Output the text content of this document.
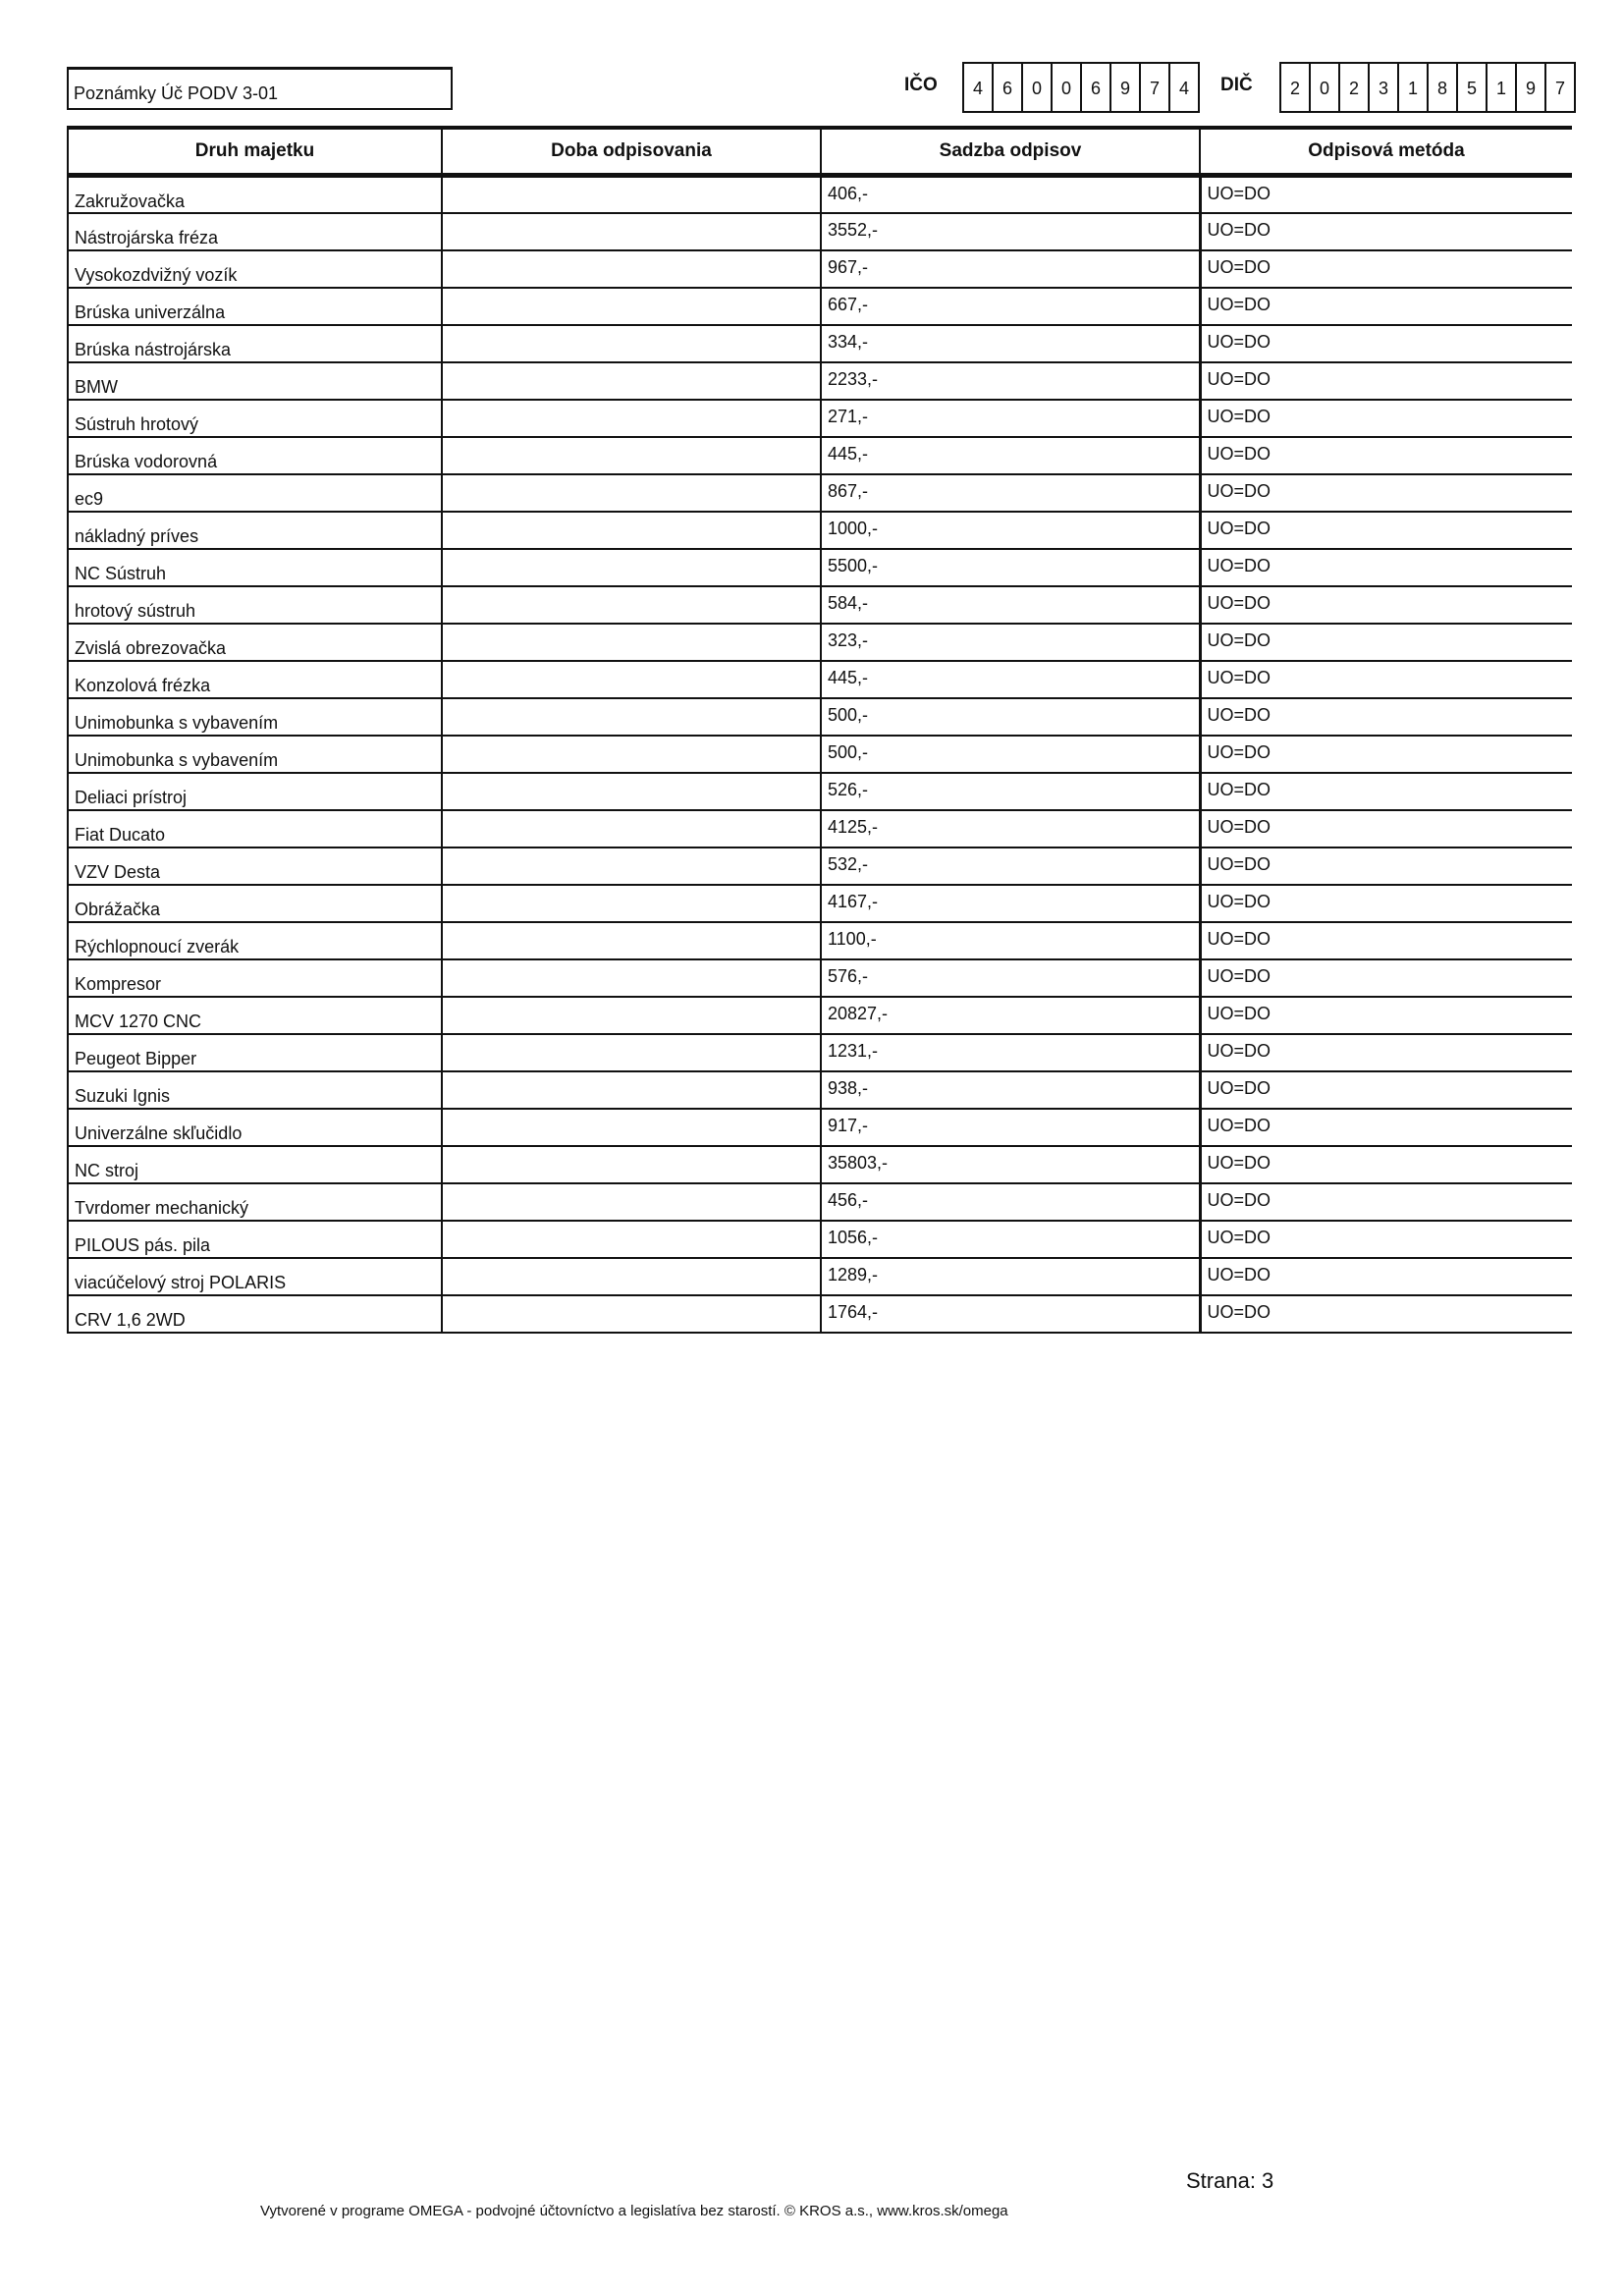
Poznámky Úč PODV 3-01	IČO	4	6	0	0	6	9	7	4	DIČ	2	0	2	3	1	8	5	1	9	7
Druh majetku	Doba odpisovania	Sadzba odpisov	Odpisová metóda
Zakružovačka		406,-	UO=DO
Nástrojárska fréza		3552,-	UO=DO
Vysokozdvižný vozík		967,-	UO=DO
Brúska univerzálna		667,-	UO=DO
Brúska nástrojárska		334,-	UO=DO
BMW		2233,-	UO=DO
Sústruh hrotový		271,-	UO=DO
Brúska vodorovná		445,-	UO=DO
ec9		867,-	UO=DO
nákladný príves		1000,-	UO=DO
NC Sústruh		5500,-	UO=DO
hrotový sústruh		584,-	UO=DO
Zvislá obrezovačka		323,-	UO=DO
Konzolová frézka		445,-	UO=DO
Unimobunka s vybavením		500,-	UO=DO
Unimobunka s vybavením		500,-	UO=DO
Deliaci prístroj		526,-	UO=DO
Fiat Ducato		4125,-	UO=DO
VZV Desta		532,-	UO=DO
Obrážačka		4167,-	UO=DO
Rýchlopnoucí zverák		1100,-	UO=DO
Kompresor		576,-	UO=DO
MCV 1270 CNC		20827,-	UO=DO
Peugeot Bipper		1231,-	UO=DO
Suzuki Ignis		938,-	UO=DO
Univerzálne skľučidlo		917,-	UO=DO
NC stroj		35803,-	UO=DO
Tvrdomer mechanický		456,-	UO=DO
PILOUS pás. pila		1056,-	UO=DO
viacúčelový stroj POLARIS		1289,-	UO=DO
CRV 1,6 2WD		1764,-	UO=DO
Vytvorené v programe OMEGA - podvojné účtovníctvo a legislatíva bez starostí. © KROS a.s., www.kros.sk/omega
Strana: 3
